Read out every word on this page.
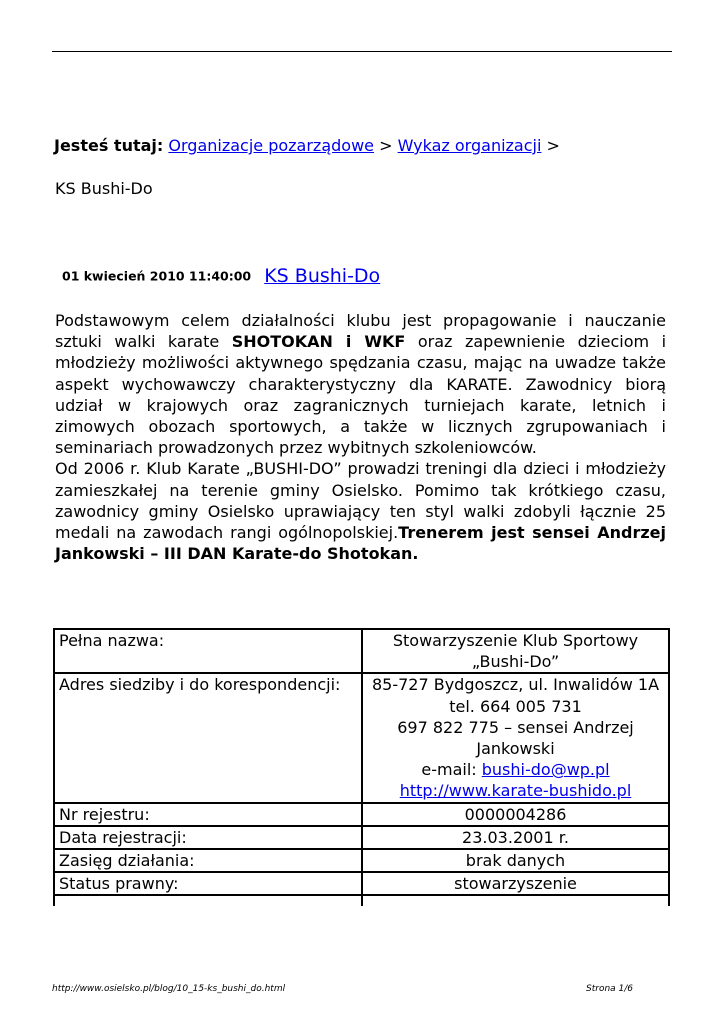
Jesteś tutaj: Organizacje pozarządowe > Wykaz organizacji >
KS Bushi-Do
01 kwiecień 2010 11:40:00 KS Bushi-Do

Podstawowym celem działalności klubu jest propagowanie i nauczanie sztuki walki karate SHOTOKAN i WKF oraz zapewnienie dzieciom i młodzieży możliwości aktywnego spędzania czasu, mając na uwadze także aspekt wychowawczy charakterystyczny dla KARATE. Zawodnicy biorą udział w krajowych oraz zagranicznych turniejach karate, letnich i zimowych obozach sportowych, a także w licznych zgrupowaniach i seminariach prowadzonych przez wybitnych szkoleniowców.

Od 2006 r. Klub Karate „BUSHI-DO” prowadzi treningi dla dzieci i młodzieży zamieszkałej na terenie gminy Osielsko. Pomimo tak krótkiego czasu, zawodnicy gminy Osielsko uprawiający ten styl walki zdobyli łącznie 25 medali na zawodach rangi ogólnopolskiej.Trenerem jest sensei Andrzej Jankowski – III DAN Karate-do Shotokan.

Pełna nazwa:	Stowarzyszenie Klub Sportowy
„Bushi-Do”

Adres siedziby i do korespondencji:	85-727 Bydgoszcz, ul. Inwalidów 1A
tel. 664 005 731
697 822 775 – sensei Andrzej Jankowski
e-mail: bushi-do@wp.pl
http://www.karate-bushido.pl

Nr rejestru:	0000004286
Data rejestracji:	23.03.2001 r.
Zasięg działania:	brak danych
Status prawny:	stowarzyszenie

http://www.osielsko.pl/blog/10_15-ks_bushi_do.html	Strona 1/6
